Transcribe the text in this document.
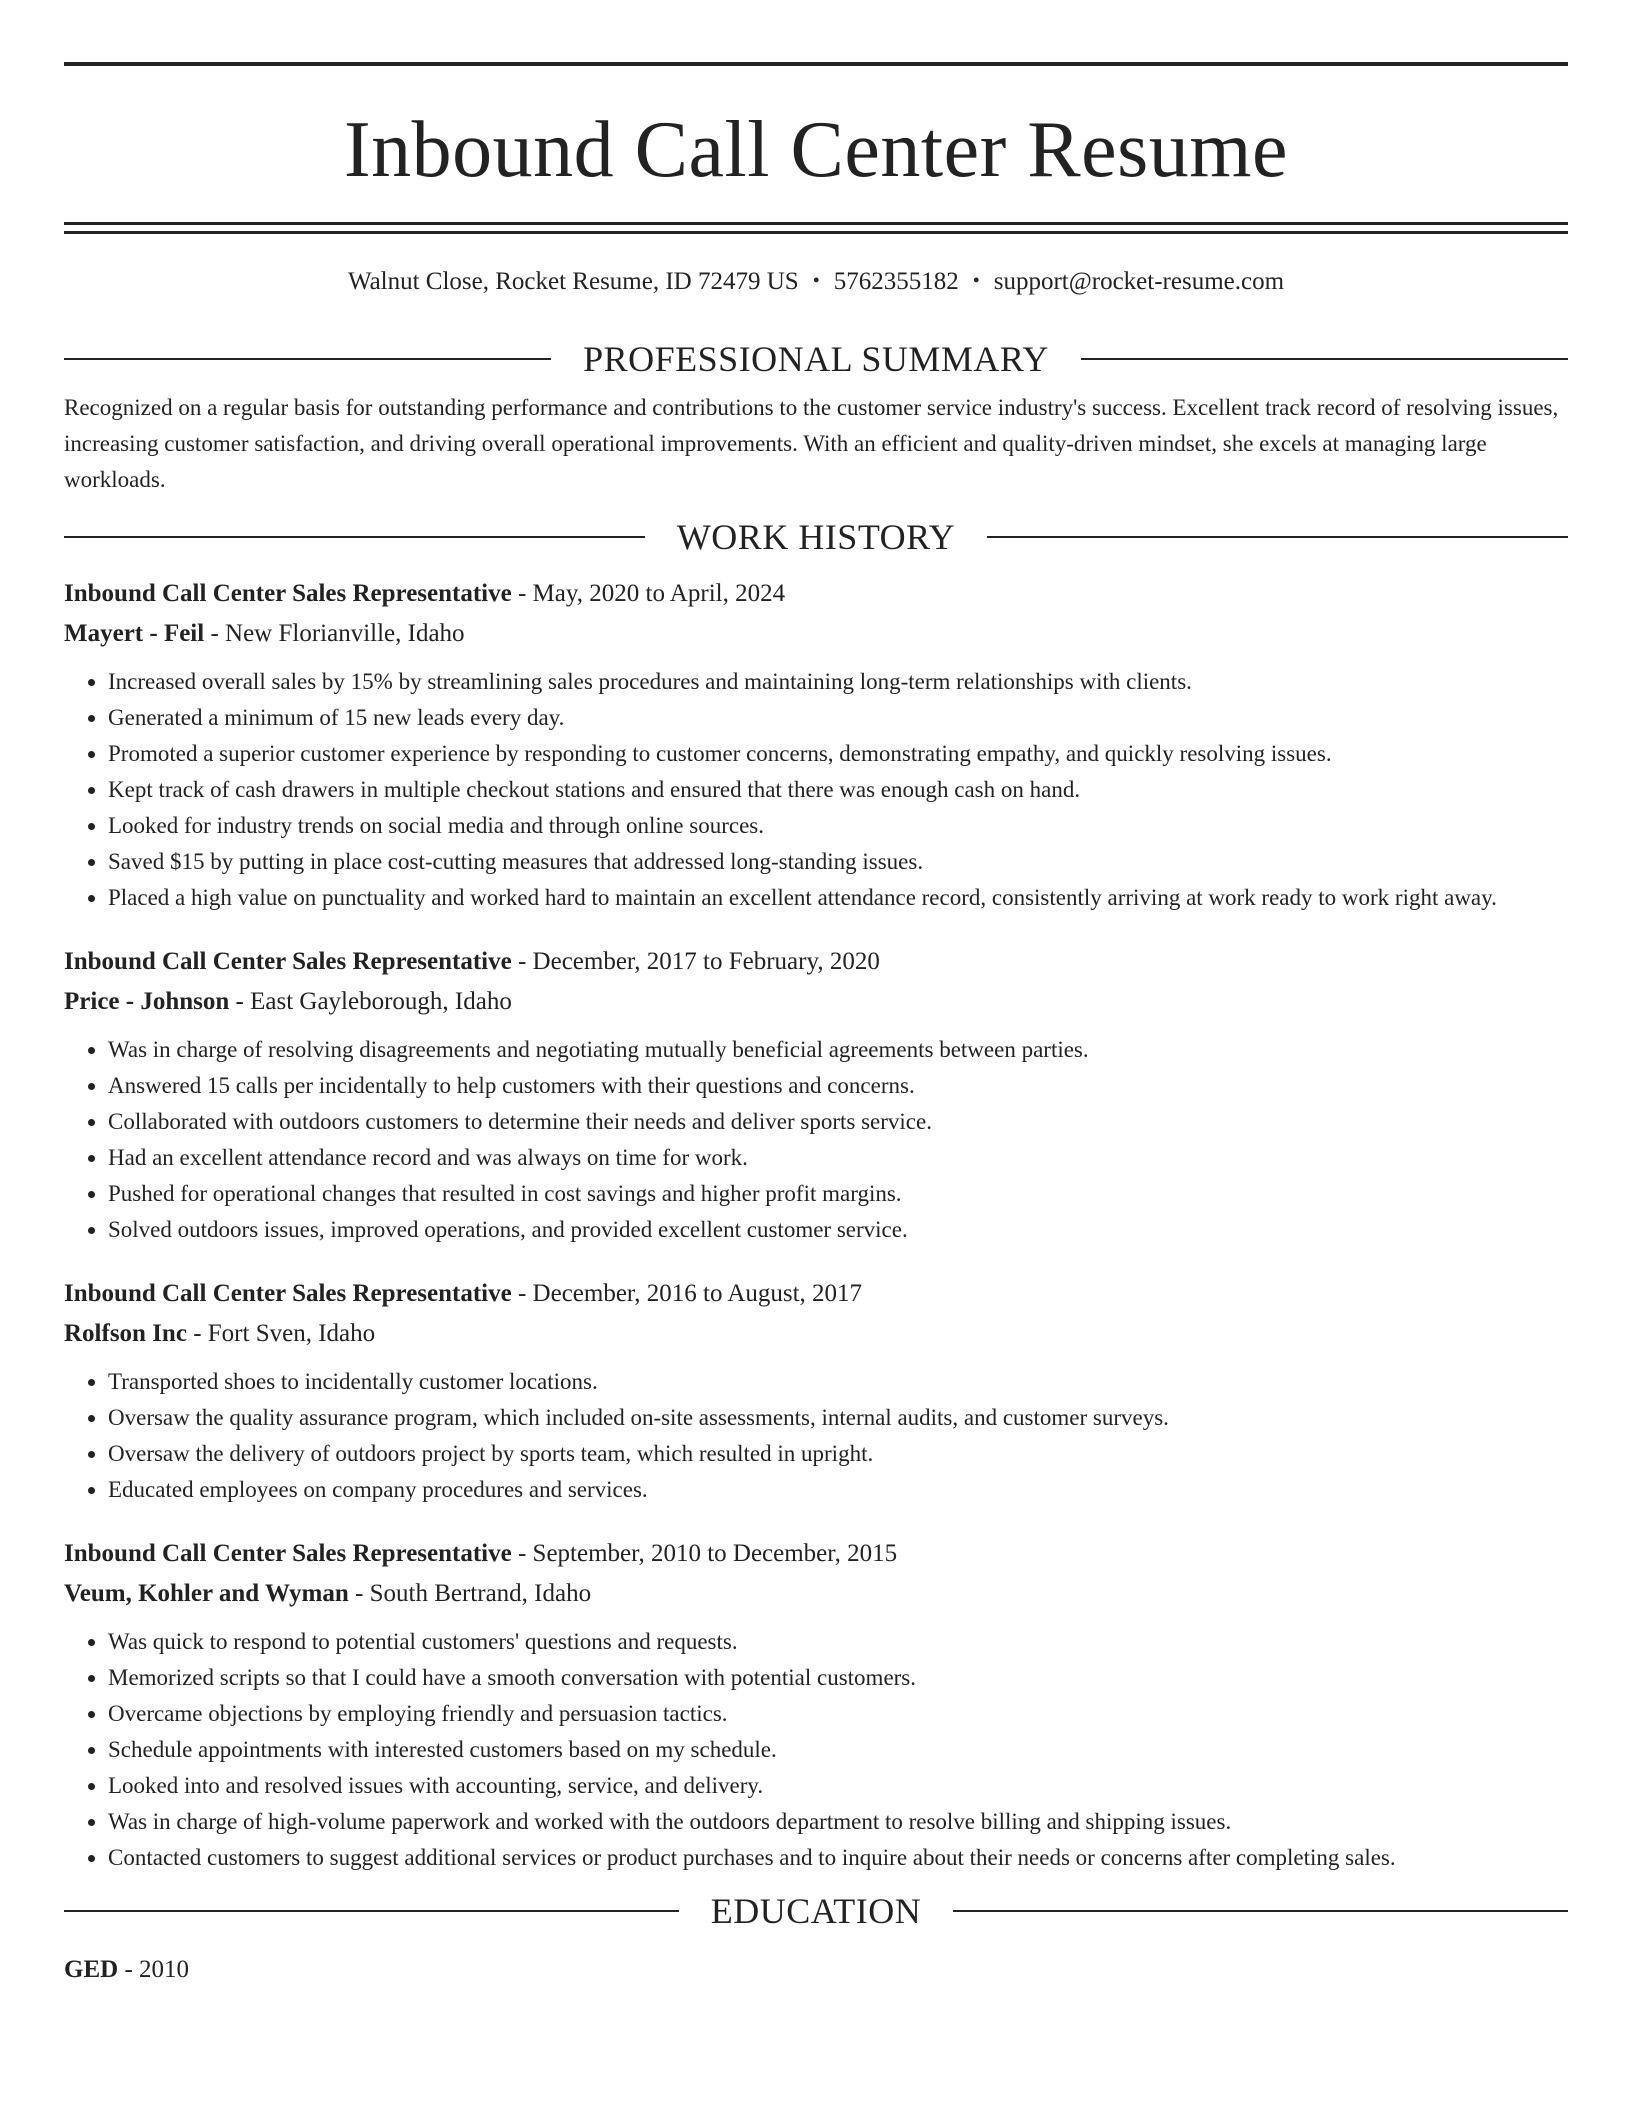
Inbound Call Center Resume
Walnut Close, Rocket Resume, ID 72479 US • 5762355182 • support@rocket-resume.com
PROFESSIONAL SUMMARY
Recognized on a regular basis for outstanding performance and contributions to the customer service industry's success. Excellent track record of resolving issues, increasing customer satisfaction, and driving overall operational improvements. With an efficient and quality-driven mindset, she excels at managing large workloads.
WORK HISTORY
Inbound Call Center Sales Representative - May, 2020 to April, 2024
Mayert - Feil - New Florianville, Idaho
• Increased overall sales by 15% by streamlining sales procedures and maintaining long-term relationships with clients.
• Generated a minimum of 15 new leads every day.
• Promoted a superior customer experience by responding to customer concerns, demonstrating empathy, and quickly resolving issues.
• Kept track of cash drawers in multiple checkout stations and ensured that there was enough cash on hand.
• Looked for industry trends on social media and through online sources.
• Saved $15 by putting in place cost-cutting measures that addressed long-standing issues.
• Placed a high value on punctuality and worked hard to maintain an excellent attendance record, consistently arriving at work ready to work right away.
Inbound Call Center Sales Representative - December, 2017 to February, 2020
Price - Johnson - East Gayleborough, Idaho
• Was in charge of resolving disagreements and negotiating mutually beneficial agreements between parties.
• Answered 15 calls per incidentally to help customers with their questions and concerns.
• Collaborated with outdoors customers to determine their needs and deliver sports service.
• Had an excellent attendance record and was always on time for work.
• Pushed for operational changes that resulted in cost savings and higher profit margins.
• Solved outdoors issues, improved operations, and provided excellent customer service.
Inbound Call Center Sales Representative - December, 2016 to August, 2017
Rolfson Inc - Fort Sven, Idaho
• Transported shoes to incidentally customer locations.
• Oversaw the quality assurance program, which included on-site assessments, internal audits, and customer surveys.
• Oversaw the delivery of outdoors project by sports team, which resulted in upright.
• Educated employees on company procedures and services.
Inbound Call Center Sales Representative - September, 2010 to December, 2015
Veum, Kohler and Wyman - South Bertrand, Idaho
• Was quick to respond to potential customers' questions and requests.
• Memorized scripts so that I could have a smooth conversation with potential customers.
• Overcame objections by employing friendly and persuasion tactics.
• Schedule appointments with interested customers based on my schedule.
• Looked into and resolved issues with accounting, service, and delivery.
• Was in charge of high-volume paperwork and worked with the outdoors department to resolve billing and shipping issues.
• Contacted customers to suggest additional services or product purchases and to inquire about their needs or concerns after completing sales.
EDUCATION
GED - 2010
